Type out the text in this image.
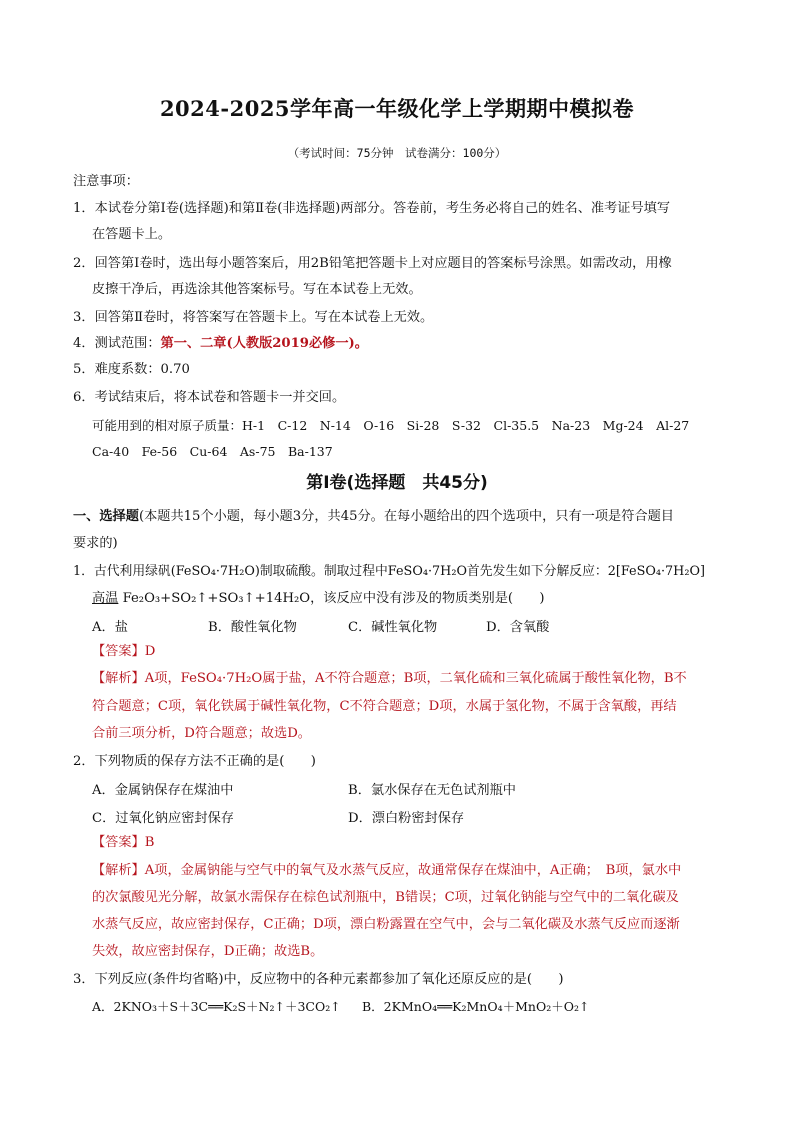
2024-2025学年高一年级化学上学期期中模拟卷
（考试时间：75分钟　试卷满分：100分）
注意事项：
1．本试卷分第Ⅰ卷(选择题)和第Ⅱ卷(非选择题)两部分。答卷前，考生务必将自己的姓名、准考证号填写
在答题卡上。
2．回答第Ⅰ卷时，选出每小题答案后，用2B铅笔把答题卡上对应题目的答案标号涂黑。如需改动，用橡
皮擦干净后，再选涂其他答案标号。写在本试卷上无效。
3．回答第Ⅱ卷时，将答案写在答题卡上。写在本试卷上无效。
4．测试范围：第一、二章(人教版2019必修一)。
5．难度系数：0.70
6．考试结束后，将本试卷和答题卡一并交回。
可能用到的相对原子质量：H-1　C-12　N-14　O-16　Si-28　S-32　Cl-35.5　Na-23　Mg-24　Al-27
Ca-40　Fe-56　Cu-64　As-75　Ba-137
第Ⅰ卷(选择题　共45分)
一、选择题(本题共15个小题，每小题3分，共45分。在每小题给出的四个选项中，只有一项是符合题目
要求的)
1．古代利用绿矾(FeSO₄·7H₂O)制取硫酸。制取过程中FeSO₄·7H₂O首先发生如下分解反应：2[FeSO₄·7H₂O]
高温 Fe₂O₃+SO₂↑+SO₃↑+14H₂O，该反应中没有涉及的物质类别是(　　)
A．盐	B．酸性氧化物	C．碱性氧化物	D．含氧酸
【答案】D
【解析】A项，FeSO₄·7H₂O属于盐，A不符合题意；B项，二氧化硫和三氧化硫属于酸性氧化物，B不
符合题意；C项，氧化铁属于碱性氧化物，C不符合题意；D项，水属于氢化物，不属于含氧酸，再结
合前三项分析，D符合题意；故选D。
2．下列物质的保存方法不正确的是(　　)
A．金属钠保存在煤油中	B．氯水保存在无色试剂瓶中
C．过氧化钠应密封保存	D．漂白粉密封保存
【答案】B
【解析】A项，金属钠能与空气中的氧气及水蒸气反应，故通常保存在煤油中，A正确；　B项，氯水中
的次氯酸见光分解，故氯水需保存在棕色试剂瓶中，B错误；C项，过氧化钠能与空气中的二氧化碳及
水蒸气反应，故应密封保存，C正确；D项，漂白粉露置在空气中，会与二氧化碳及水蒸气反应而逐渐
失效，故应密封保存，D正确；故选B。
3．下列反应(条件均省略)中，反应物中的各种元素都参加了氧化还原反应的是(　　)
A．2KNO₃＋S＋3C══K₂S＋N₂↑＋3CO₂↑ B．2KMnO₄══K₂MnO₄＋MnO₂＋O₂↑
